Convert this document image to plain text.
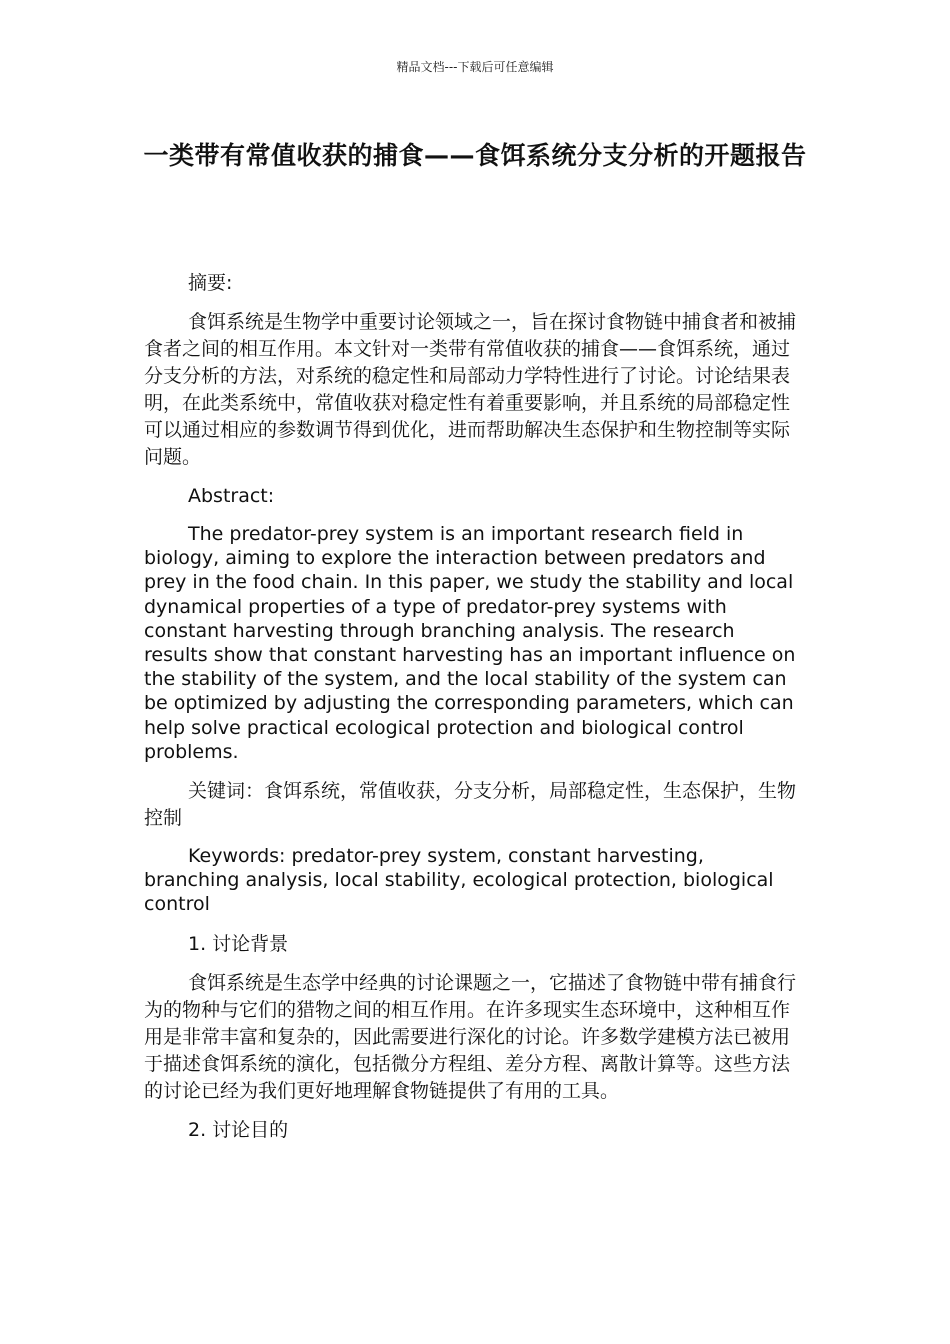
精品文档---下载后可任意编辑
一类带有常值收获的捕食——食饵系统分支分析的开题报告

摘要:

食饵系统是生物学中重要讨论领域之一，旨在探讨食物链中捕食者和被捕食者之间的相互作用。本文针对一类带有常值收获的捕食——食饵系统，通过分支分析的方法，对系统的稳定性和局部动力学特性进行了讨论。讨论结果表明，在此类系统中，常值收获对稳定性有着重要影响，并且系统的局部稳定性可以通过相应的参数调节得到优化，进而帮助解决生态保护和生物控制等实际问题。

Abstract:

The predator-prey system is an important research field in biology, aiming to explore the interaction between predators and prey in the food chain. In this paper, we study the stability and local dynamical properties of a type of predator-prey systems with constant harvesting through branching analysis. The research results show that constant harvesting has an important influence on the stability of the system, and the local stability of the system can be optimized by adjusting the corresponding parameters, which can help solve practical ecological protection and biological control problems.

关键词：食饵系统，常值收获，分支分析，局部稳定性，生态保护，生物控制

Keywords: predator-prey system, constant harvesting, branching analysis, local stability, ecological protection, biological control

1. 讨论背景

食饵系统是生态学中经典的讨论课题之一，它描述了食物链中带有捕食行为的物种与它们的猎物之间的相互作用。在许多现实生态环境中，这种相互作用是非常丰富和复杂的，因此需要进行深化的讨论。许多数学建模方法已被用于描述食饵系统的演化，包括微分方程组、差分方程、离散计算等。这些方法的讨论已经为我们更好地理解食物链提供了有用的工具。

2. 讨论目的
